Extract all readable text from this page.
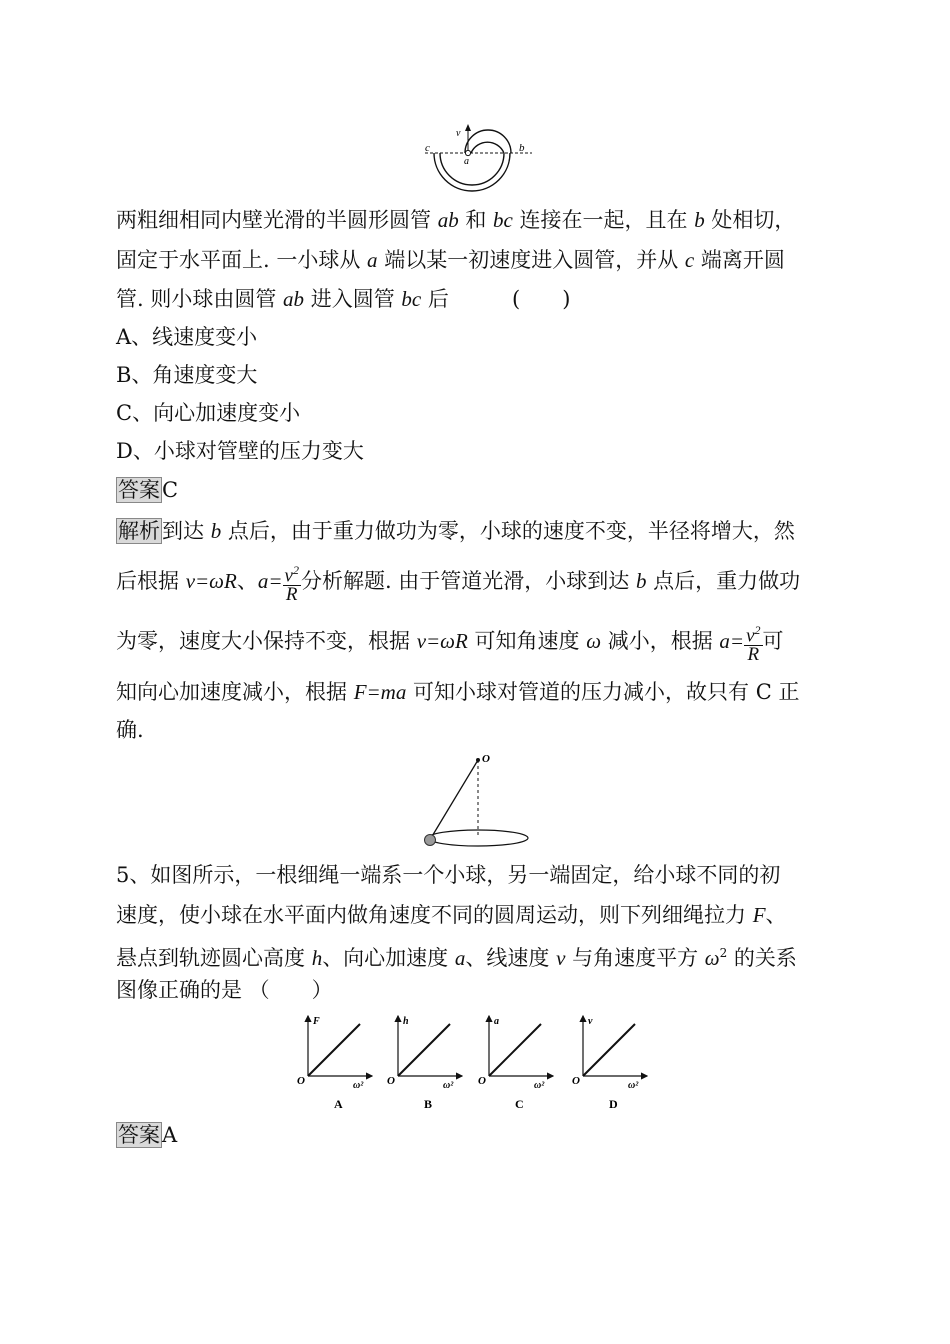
v
a
b
c
两粗细相同内壁光滑的半圆形圆管 ab 和 bc 连接在一起，且在 b 处相切，
固定于水平面上. 一小球从 a 端以某一初速度进入圆管，并从 c 端离开圆
管. 则小球由圆管 ab 进入圆管 bc 后	(　　)
A、线速度变小
B、角速度变大
C、向心加速度变小
D、小球对管壁的压力变大
答案C
解析到达 b 点后，由于重力做功为零，小球的速度不变，半径将增大，然
后根据 v=ωR、$a= \frac{v^2}{R}$ 分析解题. 由于管道光滑，小球到达 b 点后，重力做功
为零，速度大小保持不变，根据 v=ωR 可知角速度 ω 减小，根据 $a= \frac{v^2}{R}$ 可
知向心加速度减小，根据 F=ma 可知小球对管道的压力减小，故只有 C 正
确.
O
5、如图所示，一根细绳一端系一个小球，另一端固定，给小球不同的初
速度，使小球在水平面内做角速度不同的圆周运动，则下列细绳拉力 F、
悬点到轨迹圆心高度 h、向心加速度 a、线速度 v 与角速度平方 $\omega^2$ 的关系
图像正确的是 （　　）
F
O	ω²
A
h
O	ω²
B
a
O	ω²
C
v
O	ω²
D
答案A
